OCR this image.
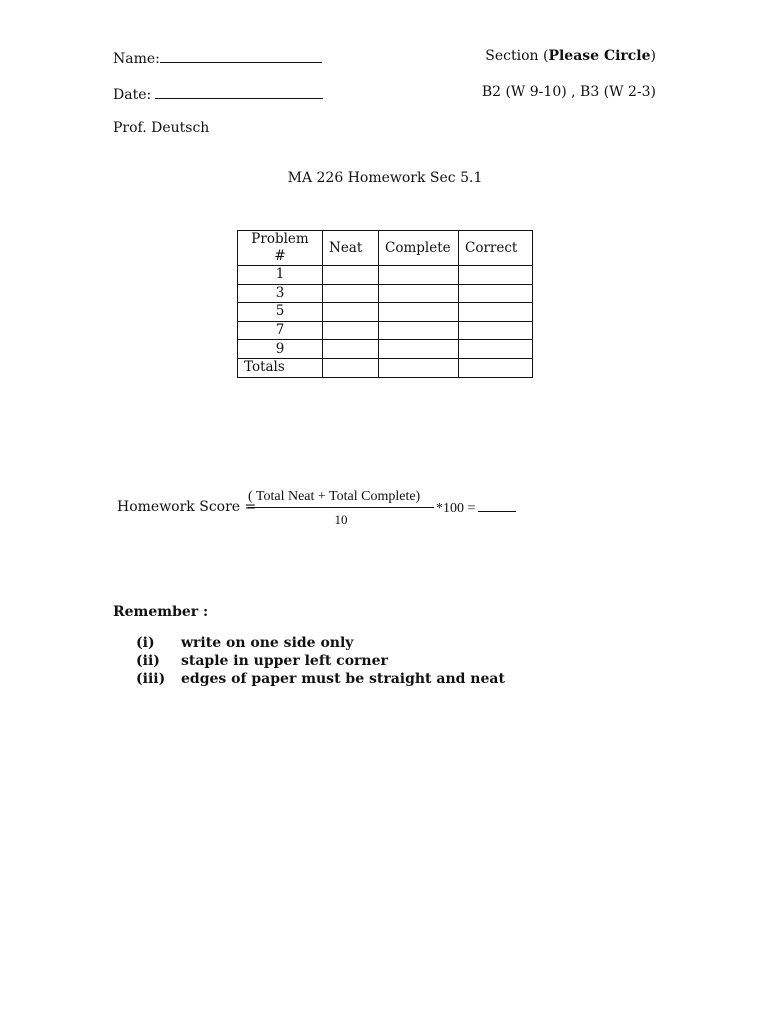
Name:
Date:
Prof. Deutsch
Section (Please Circle)
B2 (W 9-10) , B3 (W 2-3)
MA 226 Homework Sec 5.1
Problem #	Neat	Complete	Correct
1			
3			
5			
7			
9			
Totals			
Homework Score =
( Total Neat + Total Complete)
10
*100 =
Remember :
(i) write on one side only
(ii) staple in upper left corner
(iii) edges of paper must be straight and neat
